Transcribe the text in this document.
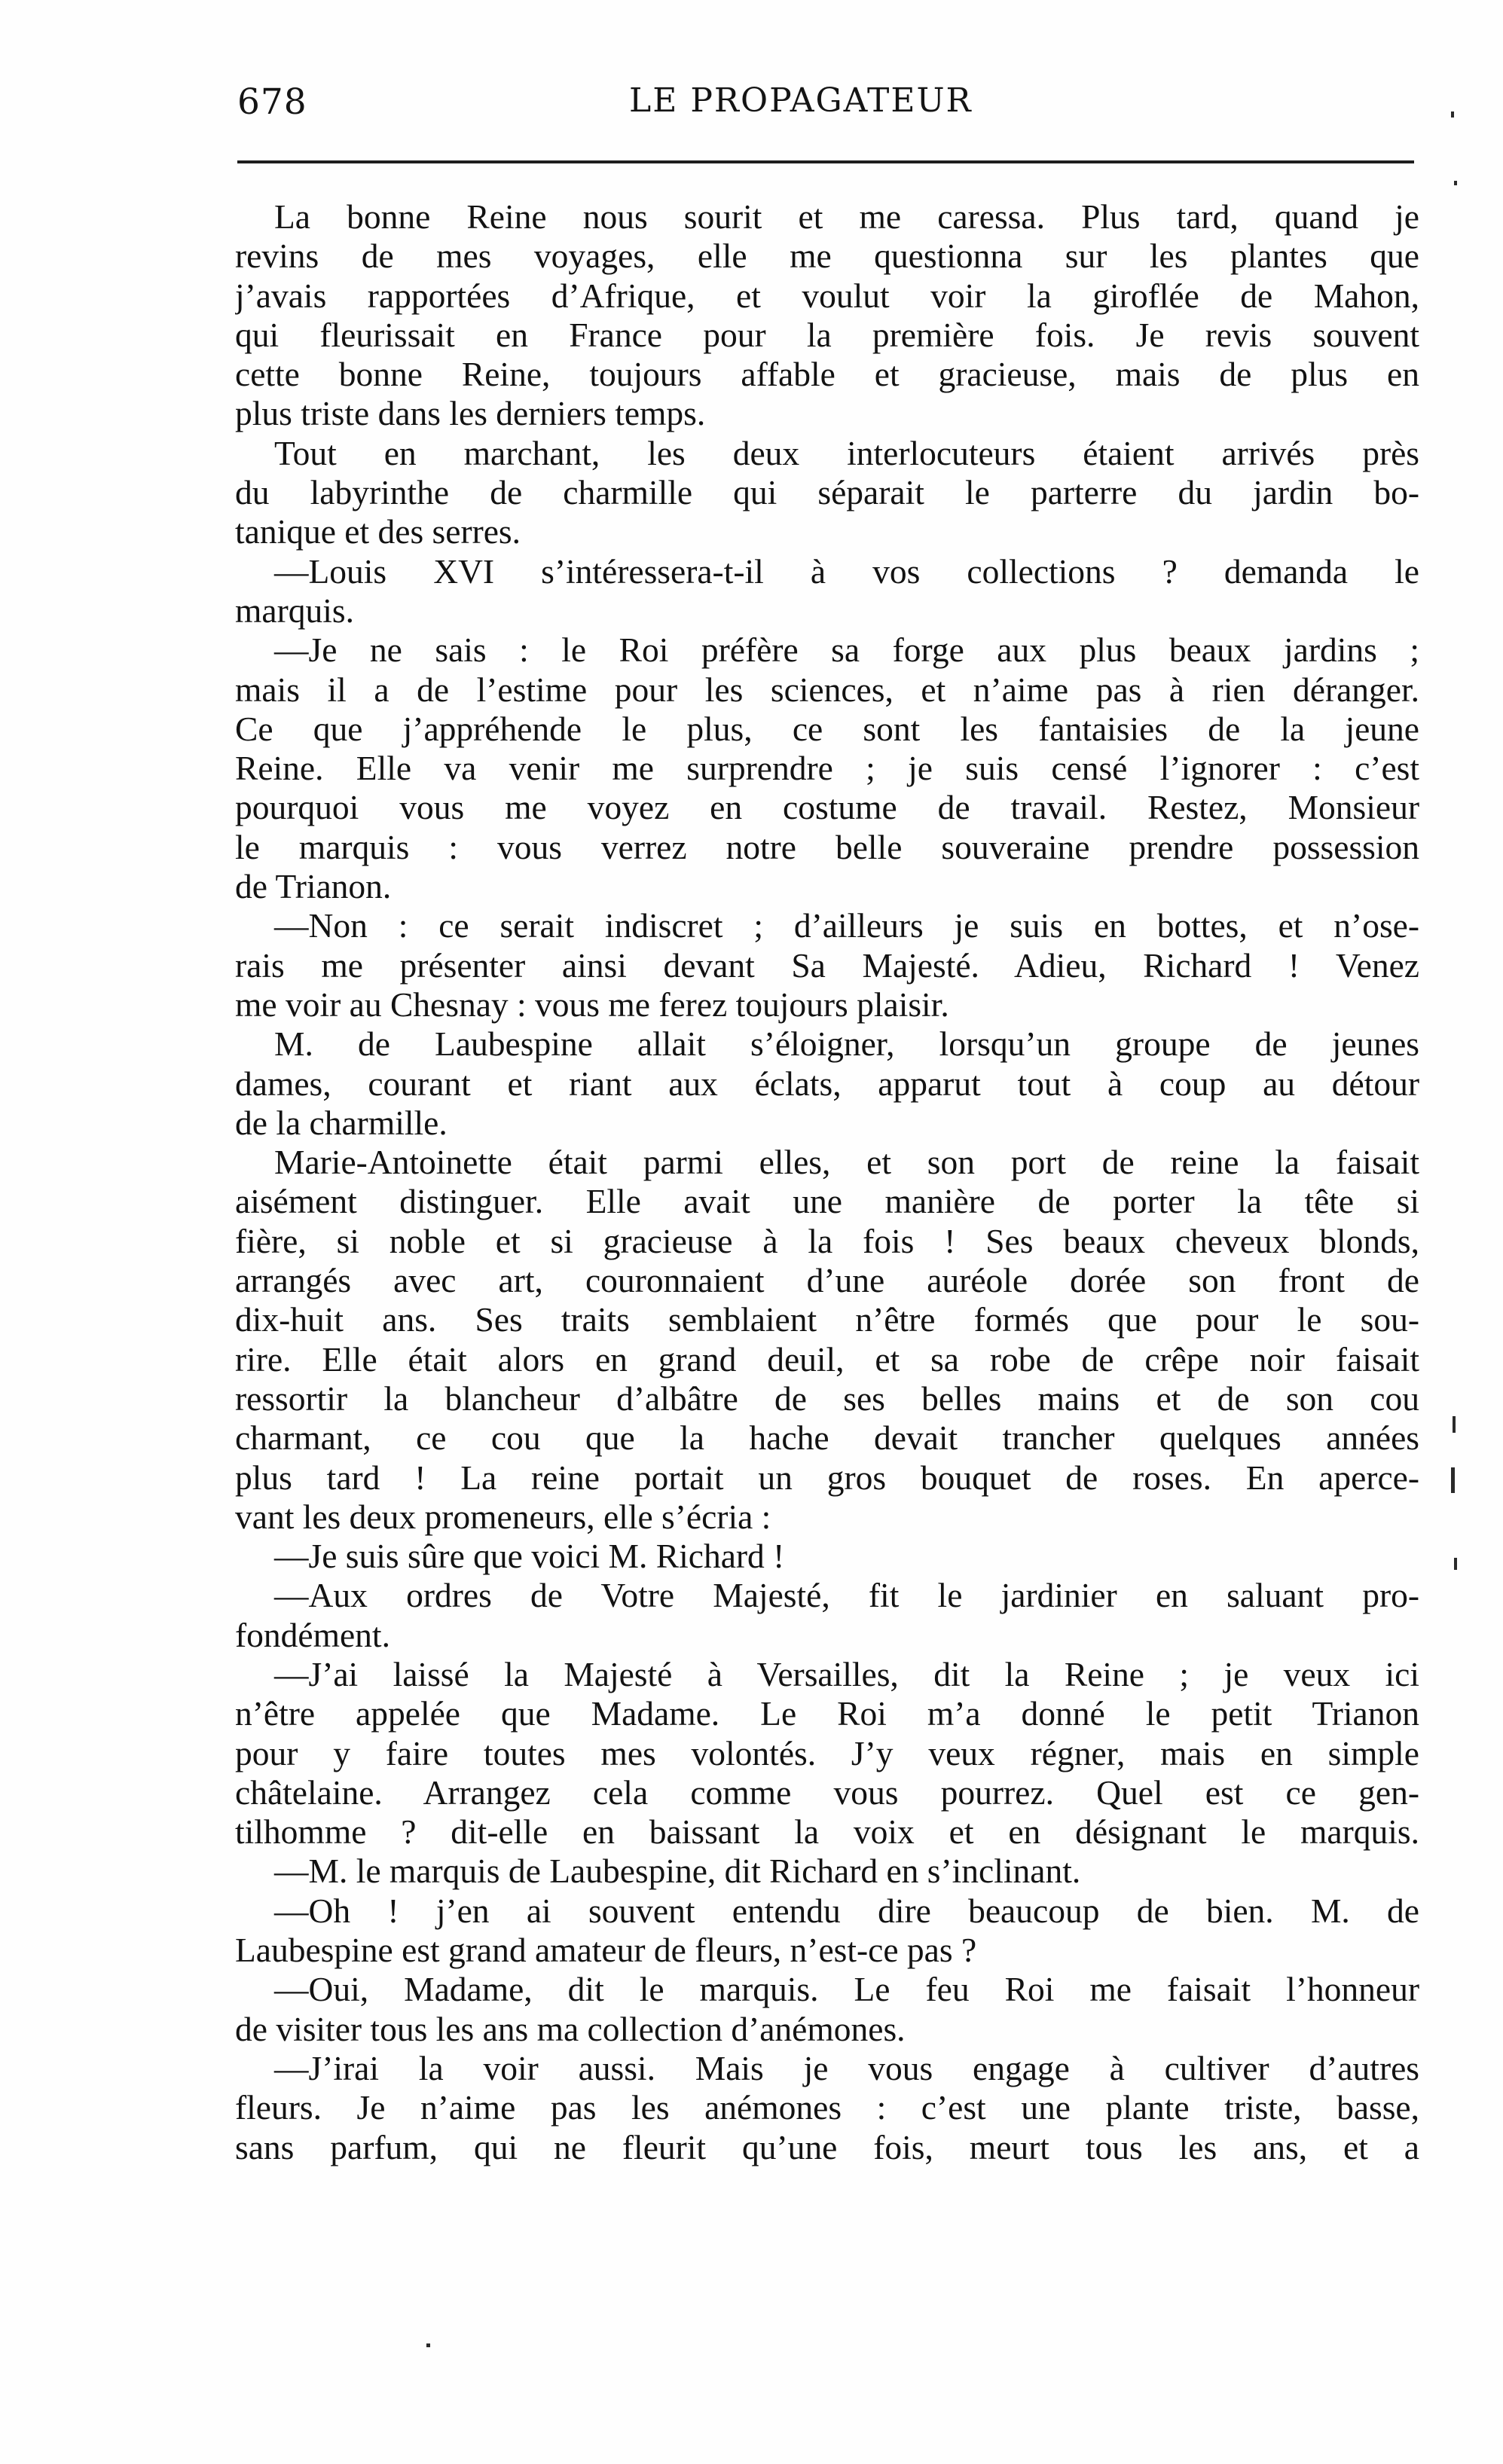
678	LE PROPAGATEUR
La bonne Reine nous sourit et me caressa. Plus tard, quand je
revins de mes voyages, elle me questionna sur les plantes que
j’avais rapportées d’Afrique, et voulut voir la giroflée de Mahon,
qui fleurissait en France pour la première fois. Je revis souvent
cette bonne Reine, toujours affable et gracieuse, mais de plus en
plus triste dans les derniers temps.
Tout en marchant, les deux interlocuteurs étaient arrivés près
du labyrinthe de charmille qui séparait le parterre du jardin bo-
tanique et des serres.
—Louis XVI s’intéressera-t-il à vos collections ? demanda le
marquis.
—Je ne sais : le Roi préfère sa forge aux plus beaux jardins ;
mais il a de l’estime pour les sciences, et n’aime pas à rien déranger.
Ce que j’appréhende le plus, ce sont les fantaisies de la jeune
Reine. Elle va venir me surprendre ; je suis censé l’ignorer : c’est
pourquoi vous me voyez en costume de travail. Restez, Monsieur
le marquis : vous verrez notre belle souveraine prendre possession
de Trianon.
—Non : ce serait indiscret ; d’ailleurs je suis en bottes, et n’ose-
rais me présenter ainsi devant Sa Majesté. Adieu, Richard ! Venez
me voir au Chesnay : vous me ferez toujours plaisir.
M. de Laubespine allait s’éloigner, lorsqu’un groupe de jeunes
dames, courant et riant aux éclats, apparut tout à coup au détour
de la charmille.
Marie-Antoinette était parmi elles, et son port de reine la faisait
aisément distinguer. Elle avait une manière de porter la tête si
fière, si noble et si gracieuse à la fois ! Ses beaux cheveux blonds,
arrangés avec art, couronnaient d’une auréole dorée son front de
dix-huit ans. Ses traits semblaient n’être formés que pour le sou-
rire. Elle était alors en grand deuil, et sa robe de crêpe noir faisait
ressortir la blancheur d’albâtre de ses belles mains et de son cou
charmant, ce cou que la hache devait trancher quelques années
plus tard ! La reine portait un gros bouquet de roses. En aperce-
vant les deux promeneurs, elle s’écria :
—Je suis sûre que voici M. Richard !
—Aux ordres de Votre Majesté, fit le jardinier en saluant pro-
fondément.
—J’ai laissé la Majesté à Versailles, dit la Reine ; je veux ici
n’être appelée que Madame. Le Roi m’a donné le petit Trianon
pour y faire toutes mes volontés. J’y veux régner, mais en simple
châtelaine. Arrangez cela comme vous pourrez. Quel est ce gen-
tilhomme ? dit-elle en baissant la voix et en désignant le marquis.
—M. le marquis de Laubespine, dit Richard en s’inclinant.
—Oh ! j’en ai souvent entendu dire beaucoup de bien. M. de
Laubespine est grand amateur de fleurs, n’est-ce pas ?
—Oui, Madame, dit le marquis. Le feu Roi me faisait l’honneur
de visiter tous les ans ma collection d’anémones.
—J’irai la voir aussi. Mais je vous engage à cultiver d’autres
fleurs. Je n’aime pas les anémones : c’est une plante triste, basse,
sans parfum, qui ne fleurit qu’une fois, meurt tous les ans, et a
